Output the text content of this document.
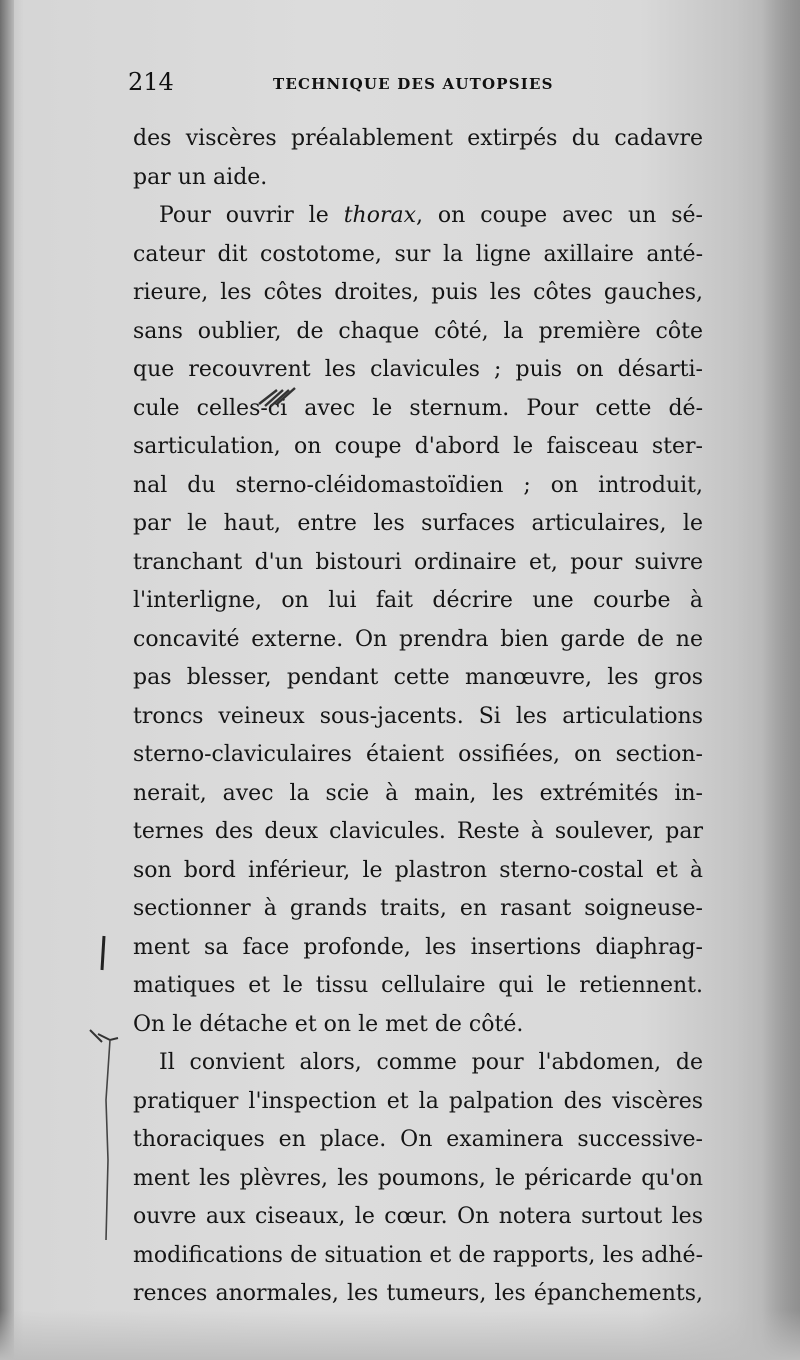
214	TECHNIQUE DES AUTOPSIES
des viscères préalablement extirpés du cadavre
par un aide.
Pour ouvrir le thorax, on coupe avec un sé-
cateur dit costotome, sur la ligne axillaire anté-
rieure, les côtes droites, puis les côtes gauches,
sans oublier, de chaque côté, la première côte
que recouvrent les clavicules ; puis on désarti-
cule celles-ci avec le sternum. Pour cette dé-
sarticulation, on coupe d'abord le faisceau ster-
nal du sterno-cléidomastoïdien ; on introduit,
par le haut, entre les surfaces articulaires, le
tranchant d'un bistouri ordinaire et, pour suivre
l'interligne, on lui fait décrire une courbe à
concavité externe. On prendra bien garde de ne
pas blesser, pendant cette manœuvre, les gros
troncs veineux sous-jacents. Si les articulations
sterno-claviculaires étaient ossifiées, on section-
nerait, avec la scie à main, les extrémités in-
ternes des deux clavicules. Reste à soulever, par
son bord inférieur, le plastron sterno-costal et à
sectionner à grands traits, en rasant soigneuse-
ment sa face profonde, les insertions diaphrag-
matiques et le tissu cellulaire qui le retiennent.
On le détache et on le met de côté.
Il convient alors, comme pour l'abdomen, de
pratiquer l'inspection et la palpation des viscères
thoraciques en place. On examinera successive-
ment les plèvres, les poumons, le péricarde qu'on
ouvre aux ciseaux, le cœur. On notera surtout les
modifications de situation et de rapports, les adhé-
rences anormales, les tumeurs, les épanchements,
